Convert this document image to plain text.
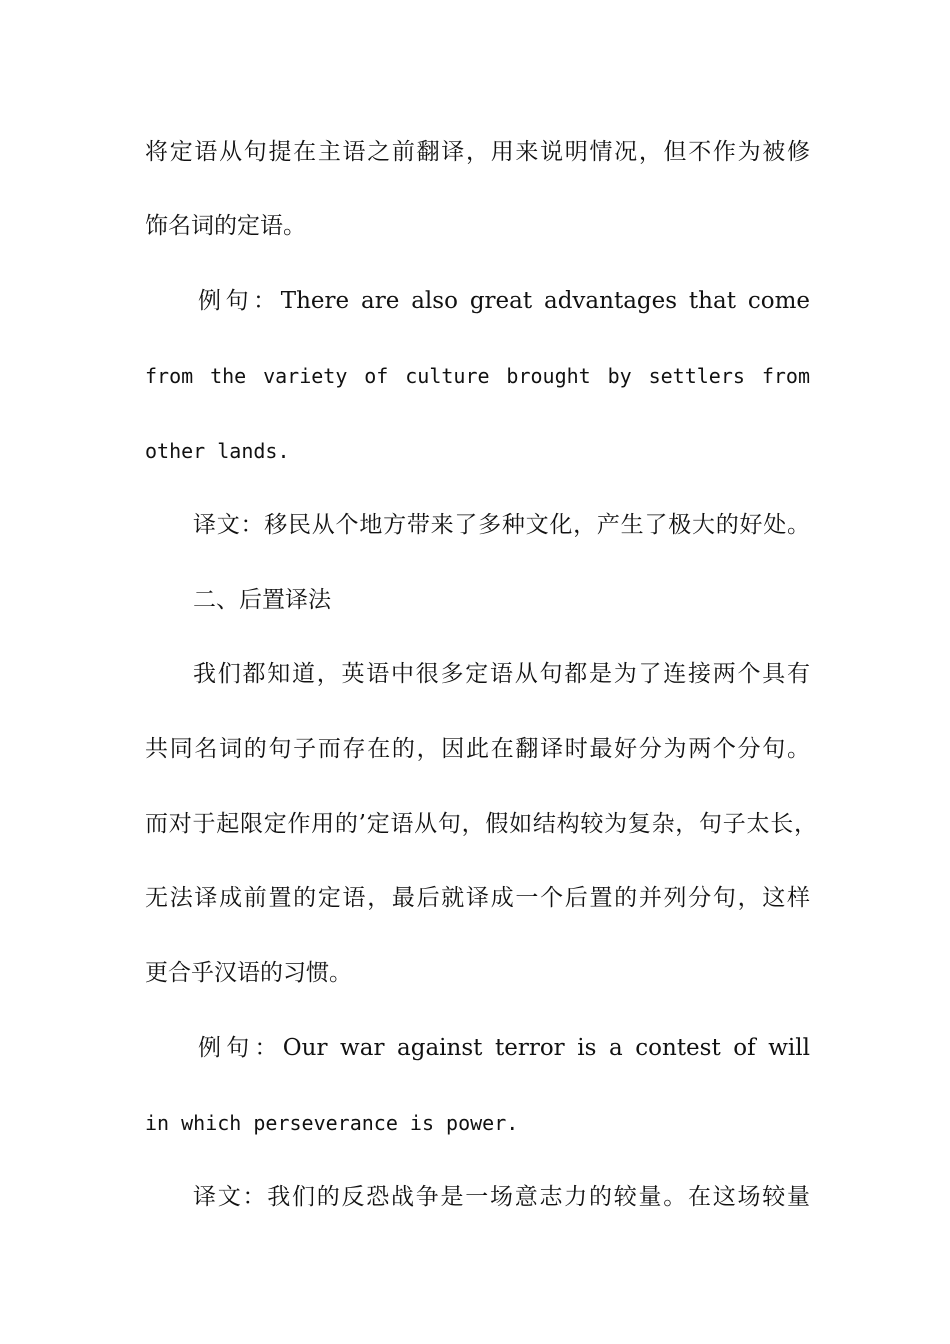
将定语从句提在主语之前翻译，用来说明情况，但不作为被修
饰名词的定语。
例句：There are also great advantages that come
from the variety of culture brought by settlers from
other lands.
译文：移民从个地方带来了多种文化，产生了极大的好处。
二、后置译法
我们都知道，英语中很多定语从句都是为了连接两个具有
共同名词的句子而存在的，因此在翻译时最好分为两个分句。
而对于起限定作用的’定语从句，假如结构较为复杂，句子太长，
无法译成前置的定语，最后就译成一个后置的并列分句，这样
更合乎汉语的习惯。
例句：Our war against terror is a contest of will
in which perseverance is power.
译文：我们的反恐战争是一场意志力的较量。在这场较量
